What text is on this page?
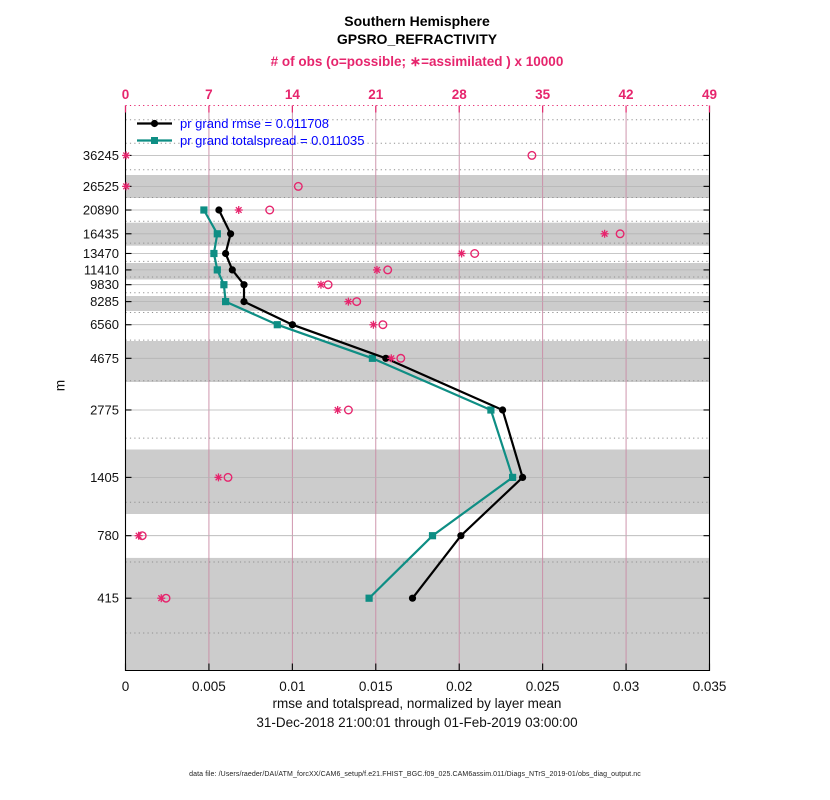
0	0.005	0.01	0.015	0.02	0.025	0.03	0.035
0	7	14	21	28	35	42	49
36245
26525
20890
16435
13470
11410
9830
8285
6560
4675
2775
1405
780
415
Southern Hemisphere
GPSRO_REFRACTIVITY
# of obs (o=possible; ∗=assimilated ) x 10000
pr grand rmse = 0.011708
pr grand totalspread = 0.011035
m
rmse and totalspread, normalized by layer mean
31-Dec-2018 21:00:01 through 01-Feb-2019 03:00:00
data file: /Users/raeder/DAI/ATM_forcXX/CAM6_setup/f.e21.FHIST_BGC.f09_025.CAM6assim.011/Diags_NTrS_2019-01/obs_diag_output.nc
